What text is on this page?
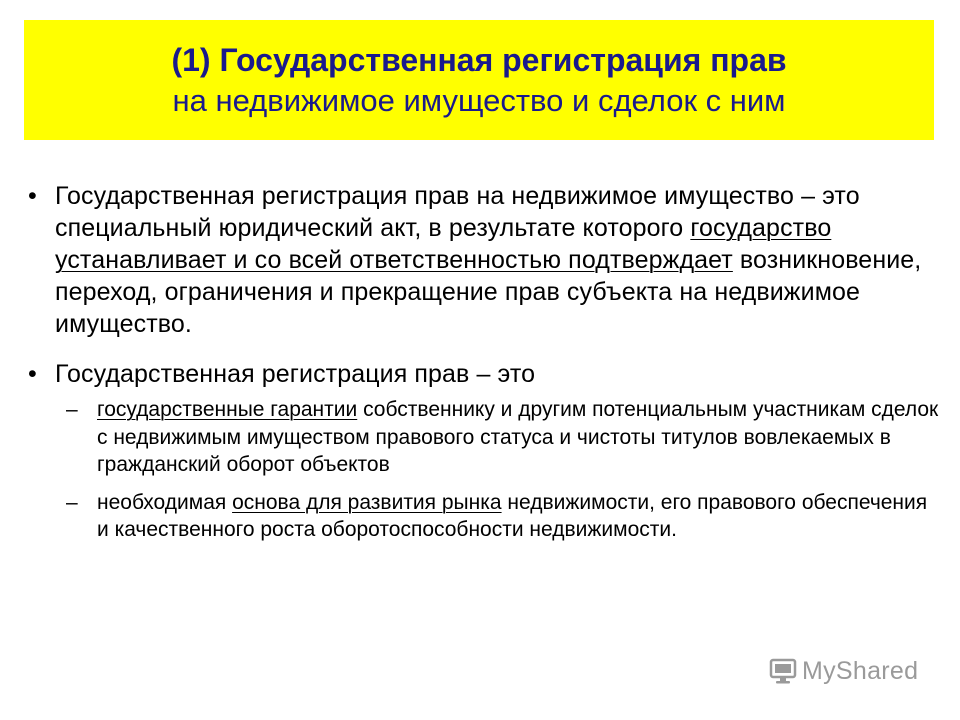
(1) Государственная регистрация прав
на недвижимое имущество и сделок с ним
• Государственная регистрация прав на недвижимое имущество – это специальный юридический акт, в результате которого государство устанавливает и со всей ответственностью подтверждает возникновение, переход, ограничения и прекращение прав субъекта на недвижимое имущество.
• Государственная регистрация прав – это
– государственные гарантии собственнику и другим потенциальным участникам сделок с недвижимым имуществом правового статуса и чистоты титулов вовлекаемых в гражданский оборот объектов
– необходимая основа для развития рынка недвижимости, его правового обеспечения и качественного роста оборотоспособности недвижимости.
MyShared
